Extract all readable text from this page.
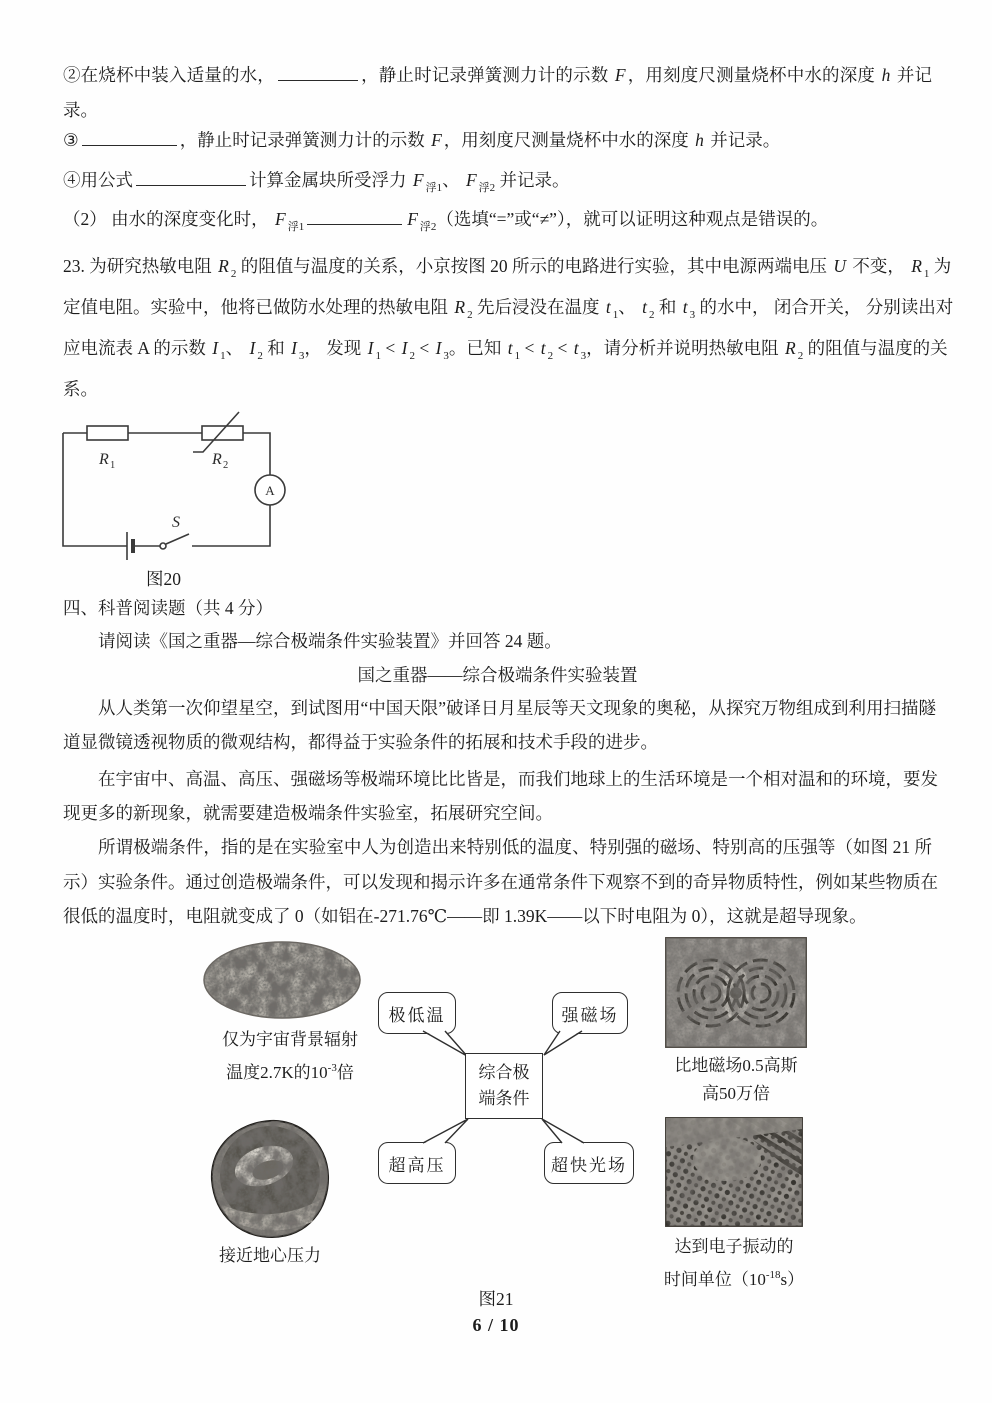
②在烧杯中装入适量的水，	，静止时记录弹簧测力计的示数 F ，用刻度尺测量烧杯中水的深度 h 并记
录。
③	，静止时记录弹簧测力计的示数 F ，用刻度尺测量烧杯中水的深度 h 并记录。
④用公式	计算金属块所受浮力 F $_{浮1}$、 F $_{浮2}$ 并记录。
（2） 由水的深度变化时， F $_{浮1}$	F $_{浮2}$（选填“=”或“≠”），就可以证明这种观点是错误的。
23. 为研究热敏电阻 R $_2$ 的阻值与温度的关系，小京按图 20 所示的电路进行实验，其中电源两端电压 U 不变， R $_1$ 为
定值电阻。实验中，他将已做防水处理的热敏电阻 R $_2$ 先后浸没在温度 t $_1$、 t $_2$ 和 t $_3$ 的水中， 闭合开关， 分别读出对
应电流表 A 的示数 I $_1$、 I $_2$ 和 I $_3$， 发现 I $_1$ < I $_2$ < I $_3$。已知 t $_1$ < t $_2$ < t $_3$，请分析并说明热敏电阻 R $_2$ 的阻值与温度的关
系。
A
R 1	R 2
S
图20
四、科普阅读题（共 4 分）
请阅读《国之重器—综合极端条件实验装置》并回答 24 题。
国之重器——综合极端条件实验装置
从人类第一次仰望星空，到试图用“中国天限”破译日月星辰等天文现象的奥秘，从探究万物组成到利用扫描隧
道显微镜透视物质的微观结构，都得益于实验条件的拓展和技术手段的进步。
在宇宙中、高温、高压、强磁场等极端环境比比皆是，而我们地球上的生活环境是一个相对温和的环境，要发
现更多的新现象，就需要建造极端条件实验室，拓展研究空间。
所谓极端条件，指的是在实验室中人为创造出来特别低的温度、特别强的磁场、特别高的压强等（如图 21 所
示）实验条件。通过创造极端条件，可以发现和揭示许多在通常条件下观察不到的奇异物质特性，例如某些物质在
很低的温度时，电阻就变成了 0（如铝在-271.76℃——即 1.39K——以下时电阻为 0），这就是超导现象。
仅为宇宙背景辐射
温度2.7K的$10^{-3}$倍	比地磁场0.5高斯
高50万倍
极低温	强磁场
超高压	超快光场
综合极
端条件
接近地心压力	达到电子振动的
时间单位$(10^{-18}s)$
图21
6 / 10
